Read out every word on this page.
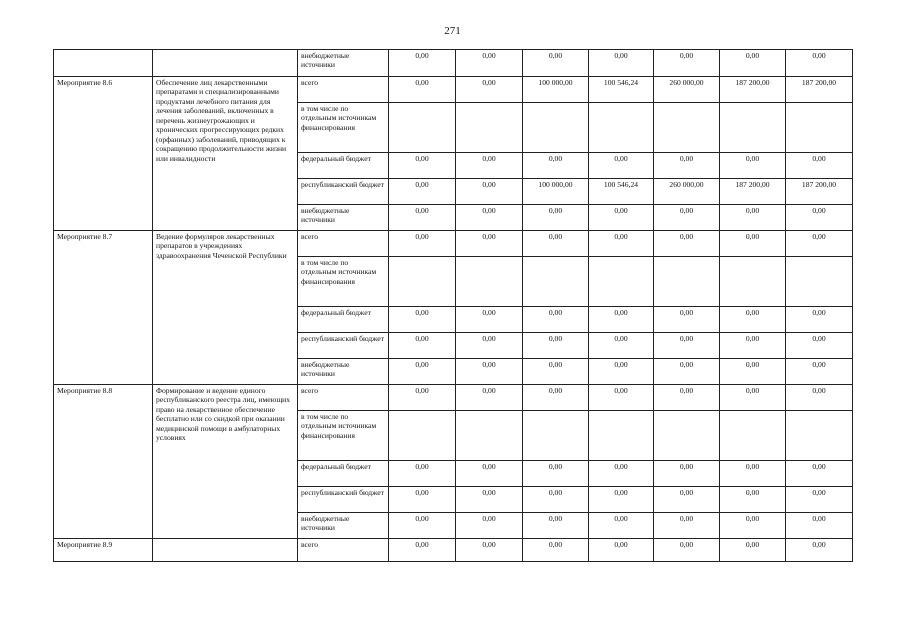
271
		внебюджетные источники	0,00	0,00	0,00	0,00	0,00	0,00	0,00
Мероприятие 8.6	Обеспечение лиц лекарственными препаратами и специализированными продуктами лечебного питания для лечения заболеваний, включенных в перечень жизнеугрожающих и хронических прогрессирующих редких (орфанных) заболеваний, приводящих к сокращению продолжительности жизни или инвалидности	всего	0,00	0,00	100 000,00	100 546,24	260 000,00	187 200,00	187 200,00
		в том числе по отдельным источникам финансирования							
		федеральный бюджет	0,00	0,00	0,00	0,00	0,00	0,00	0,00
		республиканский бюджет	0,00	0,00	100 000,00	100 546,24	260 000,00	187 200,00	187 200,00
		внебюджетные источники	0,00	0,00	0,00	0,00	0,00	0,00	0,00
Мероприятие 8.7	Ведение формуляров лекарственных препаратов в учреждениях здравоохранения Чеченской Республики	всего	0,00	0,00	0,00	0,00	0,00	0,00	0,00
		в том числе по отдельным источникам финансирования							
		федеральный бюджет	0,00	0,00	0,00	0,00	0,00	0,00	0,00
		республиканский бюджет	0,00	0,00	0,00	0,00	0,00	0,00	0,00
		внебюджетные источники	0,00	0,00	0,00	0,00	0,00	0,00	0,00
Мероприятие 8.8	Формирование и ведение единого республиканского реестра лиц, имеющих право на лекарственное обеспечение бесплатно или со скидкой при оказании медицинской помощи в амбулаторных условиях	всего	0,00	0,00	0,00	0,00	0,00	0,00	0,00
		в том числе по отдельным источникам финансирования							
		федеральный бюджет	0,00	0,00	0,00	0,00	0,00	0,00	0,00
		республиканский бюджет	0,00	0,00	0,00	0,00	0,00	0,00	0,00
		внебюджетные источники	0,00	0,00	0,00	0,00	0,00	0,00	0,00
Мероприятие 8.9		всего	0,00	0,00	0,00	0,00	0,00	0,00	0,00
